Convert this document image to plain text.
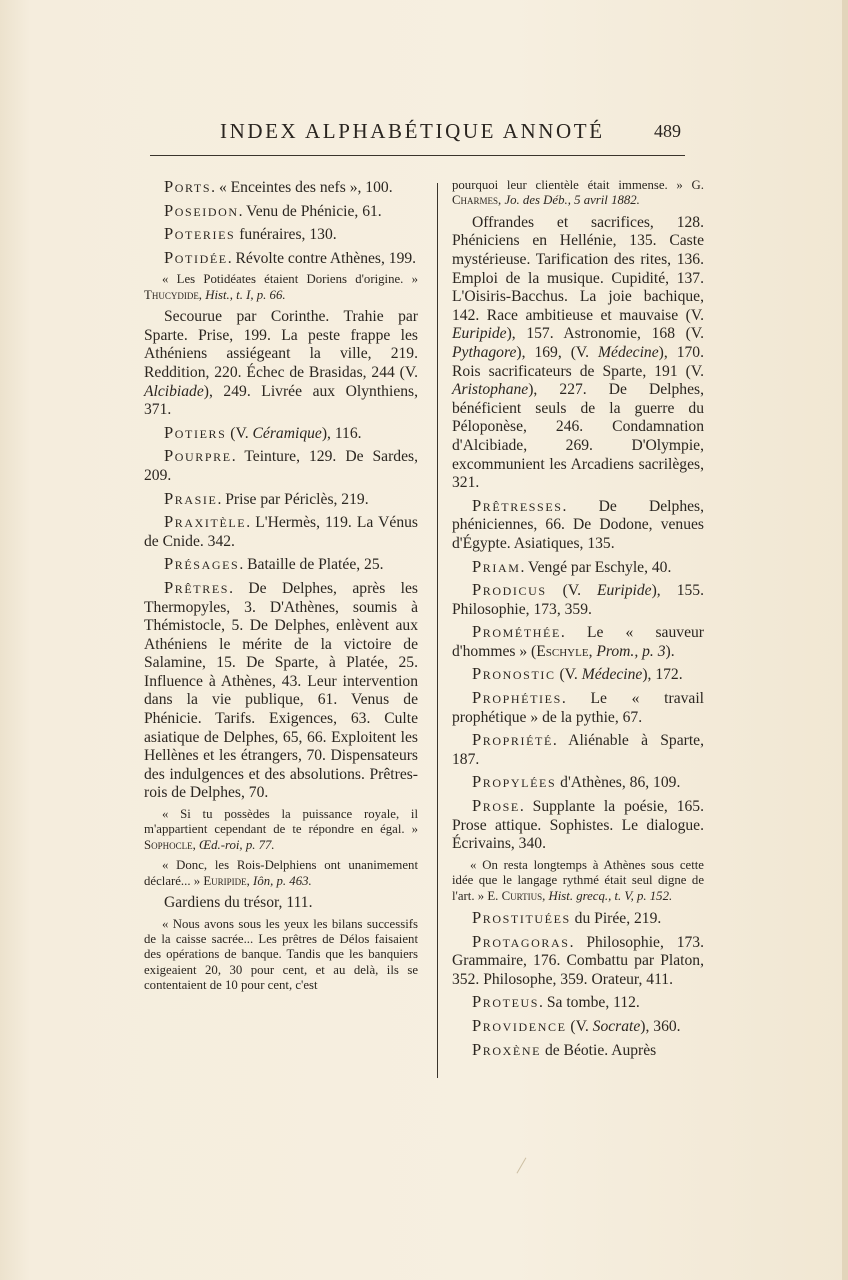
INDEX ALPHABÉTIQUE ANNOTÉ	489

Ports. « Enceintes des nefs », 100.

Poseidon. Venu de Phénicie, 61.

Poteries funéraires, 130.

Potidée. Révolte contre Athènes, 199.

« Les Potidéates étaient Doriens d'origine. » Thucydide, Hist., t. I, p. 66.

Secourue par Corinthe. Trahie par Sparte. Prise, 199. La peste frappe les Athéniens assiégeant la ville, 219. Reddition, 220. Échec de Brasidas, 244 (V. Alcibiade), 249. Livrée aux Olynthiens, 371.

Potiers (V. Céramique), 116.

Pourpre. Teinture, 129. De Sardes, 209.

Prasie. Prise par Périclès, 219.

Praxitèle. L'Hermès, 119. La Vénus de Cnide. 342.

Présages. Bataille de Platée, 25.

Prêtres. De Delphes, après les Thermopyles, 3. D'Athènes, soumis à Thémistocle, 5. De Delphes, enlèvent aux Athéniens le mérite de la victoire de Salamine, 15. De Sparte, à Platée, 25. Influence à Athènes, 43. Leur intervention dans la vie publique, 61. Venus de Phénicie. Tarifs. Exigences, 63. Culte asiatique de Delphes, 65, 66. Exploitent les Hellènes et les étrangers, 70. Dispensateurs des indulgences et des absolutions. Prêtres-rois de Delphes, 70.

« Si tu possèdes la puissance royale, il m'appartient cependant de te répondre en égal. » Sophocle, Œd.-roi, p. 77.

« Donc, les Rois-Delphiens ont unanimement déclaré... » Euripide, Iôn, p. 463.

Gardiens du trésor, 111.

« Nous avons sous les yeux les bilans successifs de la caisse sacrée... Les prêtres de Délos faisaient des opérations de banque. Tandis que les banquiers exigeaient 20, 30 pour cent, et au delà, ils se contentaient de 10 pour cent, c'est

pourquoi leur clientèle était immense. » G. Charmes, Jo. des Déb., 5 avril 1882.

Offrandes et sacrifices, 128. Phéniciens en Hellénie, 135. Caste mystérieuse. Tarification des rites, 136. Emploi de la musique. Cupidité, 137. L'Oisiris-Bacchus. La joie bachique, 142. Race ambitieuse et mauvaise (V. Euripide), 157. Astronomie, 168 (V. Pythagore), 169, (V. Médecine), 170. Rois sacrificateurs de Sparte, 191 (V. Aristophane), 227. De Delphes, bénéficient seuls de la guerre du Péloponèse, 246. Condamnation d'Alcibiade, 269. D'Olympie, excommunient les Arcadiens sacrilèges, 321.

Prêtresses. De Delphes, phéniciennes, 66. De Dodone, venues d'Égypte. Asiatiques, 135.

Priam. Vengé par Eschyle, 40.

Prodicus (V. Euripide), 155. Philosophie, 173, 359.

Prométhée. Le « sauveur d'hommes » (Eschyle, Prom., p. 3).

Pronostic (V. Médecine), 172.

Prophéties. Le « travail prophétique » de la pythie, 67.

Propriété. Aliénable à Sparte, 187.

Propylées d'Athènes, 86, 109.

Prose. Supplante la poésie, 165. Prose attique. Sophistes. Le dialogue. Écrivains, 340.

« On resta longtemps à Athènes sous cette idée que le langage rythmé était seul digne de l'art. » E. Curtius, Hist. grecq., t. V, p. 152.

Prostituées du Pirée, 219.

Protagoras. Philosophie, 173. Grammaire, 176. Combattu par Platon, 352. Philosophe, 359. Orateur, 411.

Proteus. Sa tombe, 112.

Providence (V. Socrate), 360.

Proxène de Béotie. Auprès
